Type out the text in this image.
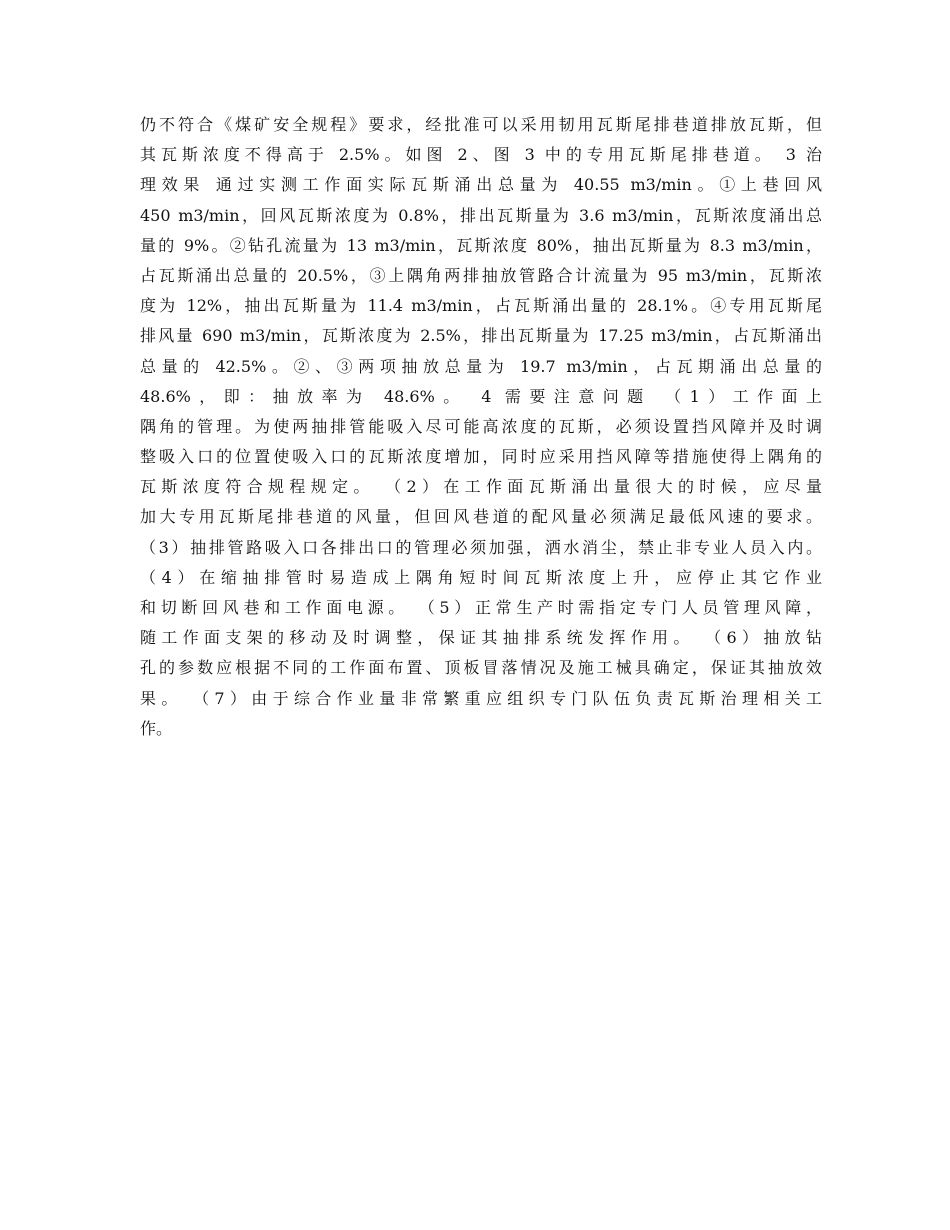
仍不符合《煤矿安全规程》要求，经批准可以采用韧用瓦斯尾排巷道排放瓦斯，但
其瓦斯浓度不得高于 2.5%。如图 2、图 3 中的专用瓦斯尾排巷道。 3 治
理效果 通过实测工作面实际瓦斯涌出总量为 40.55 m3/min。①上巷回风
450 m3/min，回风瓦斯浓度为 0.8%，排出瓦斯量为 3.6 m3/min，瓦斯浓度涌出总
量的 9%。②钻孔流量为 13 m3/min，瓦斯浓度 80%，抽出瓦斯量为 8.3 m3/min，
占瓦斯涌出总量的 20.5%，③上隅角两排抽放管路合计流量为 95 m3/min，瓦斯浓
度为 12%，抽出瓦斯量为 11.4 m3/min，占瓦斯涌出量的 28.1%。④专用瓦斯尾
排风量 690 m3/min，瓦斯浓度为 2.5%，排出瓦斯量为 17.25 m3/min，占瓦斯涌出
总量的 42.5%。②、③两项抽放总量为 19.7 m3/min，占瓦期涌出总量的
48.6%，即：抽放率为 48.6%。 4 需要注意问题 （1）工作面上
隅角的管理。为使两抽排管能吸入尽可能高浓度的瓦斯，必须设置挡风障并及时调
整吸入口的位置使吸入口的瓦斯浓度增加，同时应采用挡风障等措施使得上隅角的
瓦斯浓度符合规程规定。 （2）在工作面瓦斯涌出量很大的时候，应尽量
加大专用瓦斯尾排巷道的风量，但回风巷道的配风量必须满足最低风速的要求。
（3）抽排管路吸入口各排出口的管理必须加强，洒水消尘，禁止非专业人员入内。
（4）在缩抽排管时易造成上隅角短时间瓦斯浓度上升，应停止其它作业
和切断回风巷和工作面电源。 （5）正常生产时需指定专门人员管理风障，
随工作面支架的移动及时调整，保证其抽排系统发挥作用。 （6）抽放钻
孔的参数应根据不同的工作面布置、顶板冒落情况及施工械具确定，保证其抽放效
果。 （7）由于综合作业量非常繁重应组织专门队伍负责瓦斯治理相关工
作。
